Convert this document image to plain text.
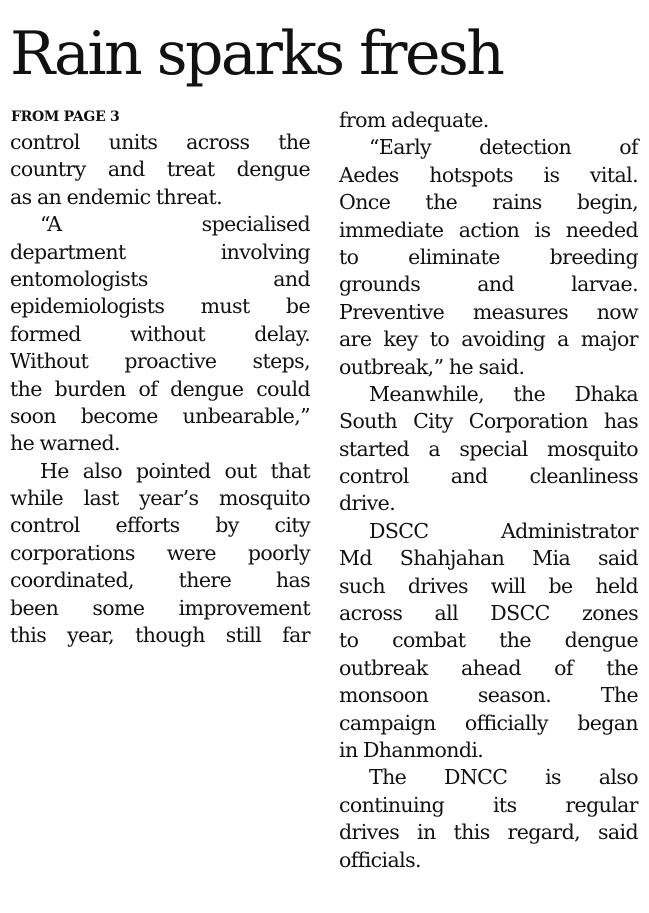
Rain sparks fresh
FROM PAGE 3
control units across the
country and treat dengue
as an endemic threat.
“A specialised
department involving
entomologists and
epidemiologists must be
formed without delay.
Without proactive steps,
the burden of dengue could
soon become unbearable,”
he warned.
He also pointed out that
while last year’s mosquito
control efforts by city
corporations were poorly
coordinated, there has
been some improvement
this year, though still far
from adequate.
“Early detection of
Aedes hotspots is vital.
Once the rains begin,
immediate action is needed
to eliminate breeding
grounds and larvae.
Preventive measures now
are key to avoiding a major
outbreak,” he said.
Meanwhile, the Dhaka
South City Corporation has
started a special mosquito
control and cleanliness
drive.
DSCC Administrator
Md Shahjahan Mia said
such drives will be held
across all DSCC zones
to combat the dengue
outbreak ahead of the
monsoon season. The
campaign officially began
in Dhanmondi.
The DNCC is also
continuing its regular
drives in this regard, said
officials.
